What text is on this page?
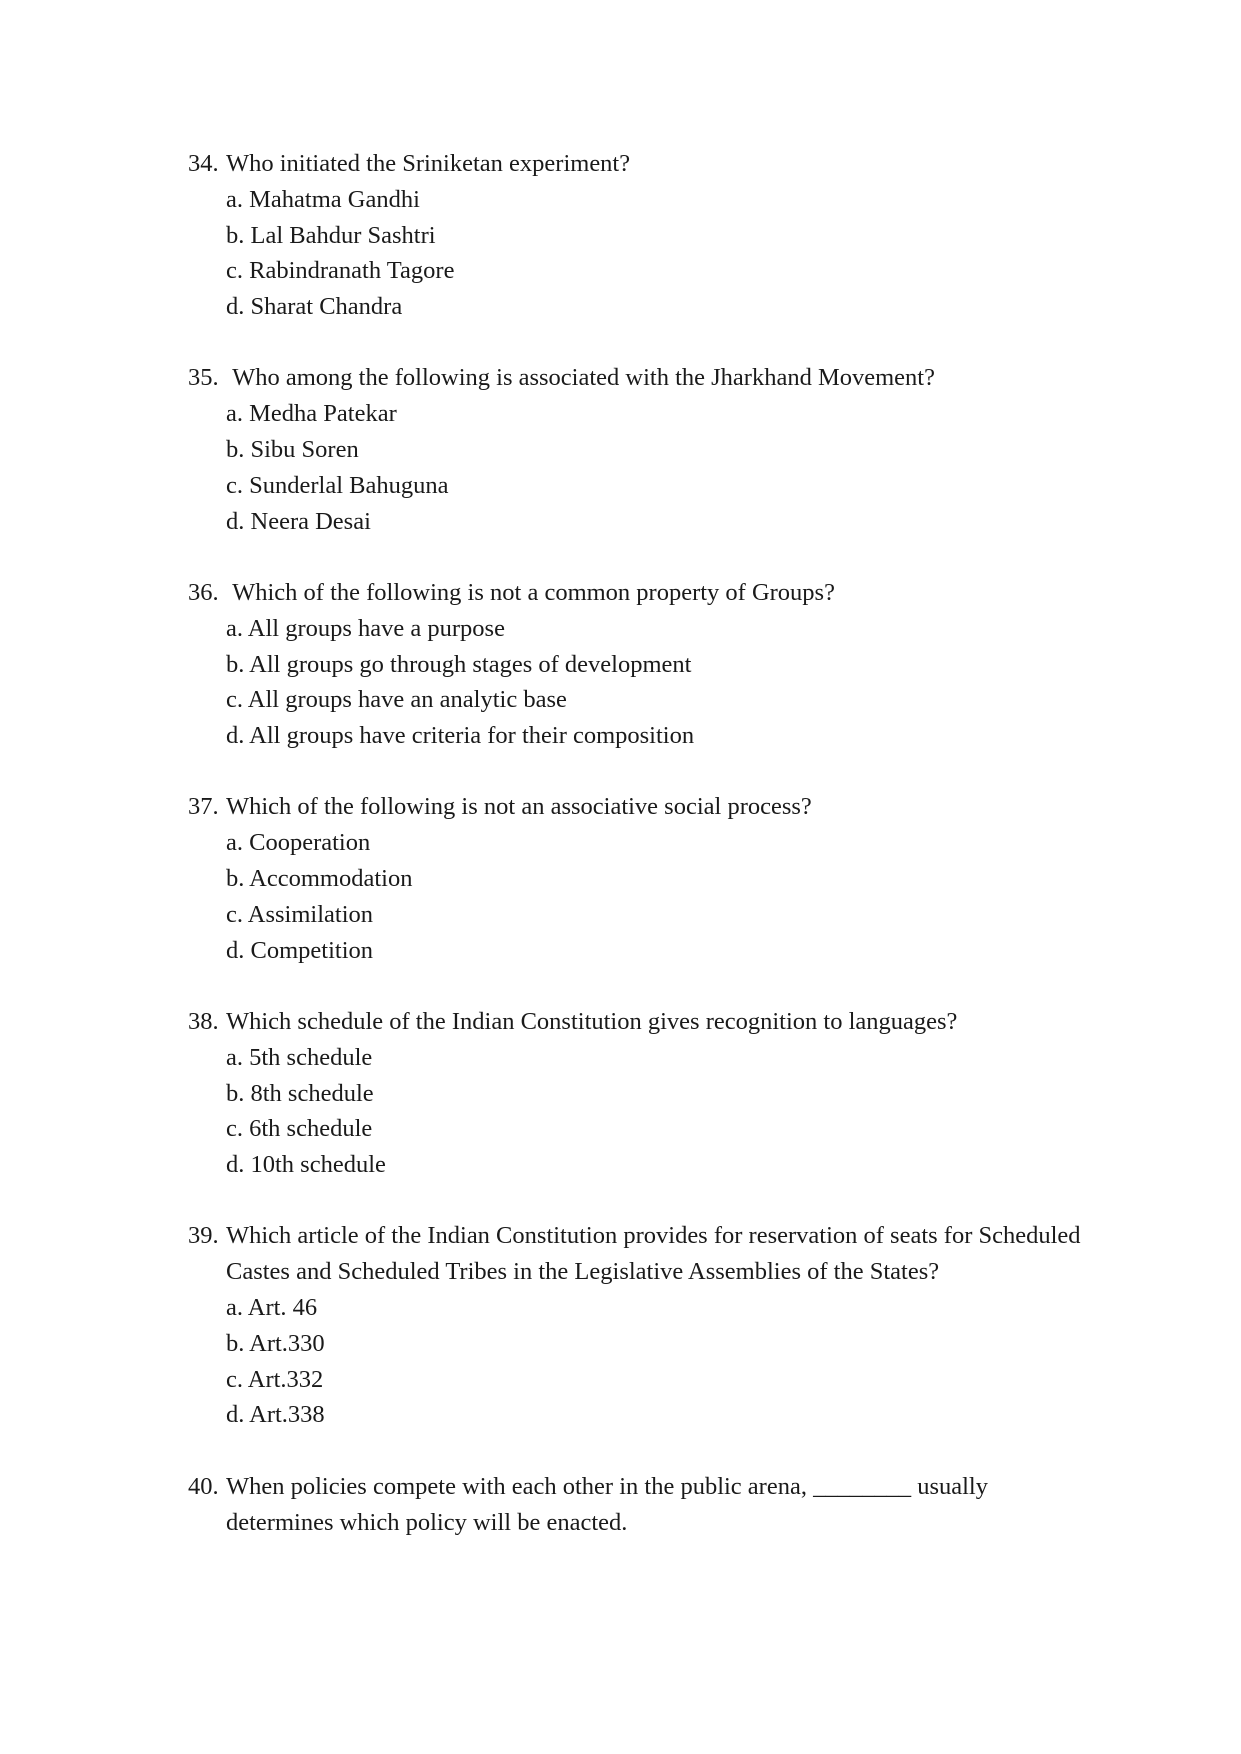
34. Who initiated the Sriniketan experiment?
a. Mahatma Gandhi
b. Lal Bahdur Sashtri
c. Rabindranath Tagore
d. Sharat Chandra
35. Who among the following is associated with the Jharkhand Movement?
a. Medha Patekar
b. Sibu Soren
c. Sunderlal Bahuguna
d. Neera Desai
36. Which of the following is not a common property of Groups?
a. All groups have a purpose
b. All groups go through stages of development
c. All groups have an analytic base
d. All groups have criteria for their composition
37. Which of the following is not an associative social process?
a. Cooperation
b. Accommodation
c. Assimilation
d. Competition
38. Which schedule of the Indian Constitution gives recognition to languages?
a. 5th schedule
b. 8th schedule
c. 6th schedule
d. 10th schedule
39. Which article of the Indian Constitution provides for reservation of seats for Scheduled Castes and Scheduled Tribes in the Legislative Assemblies of the States?
a. Art. 46
b. Art.330
c. Art.332
d. Art.338
40. When policies compete with each other in the public arena, ________ usually determines which policy will be enacted.
